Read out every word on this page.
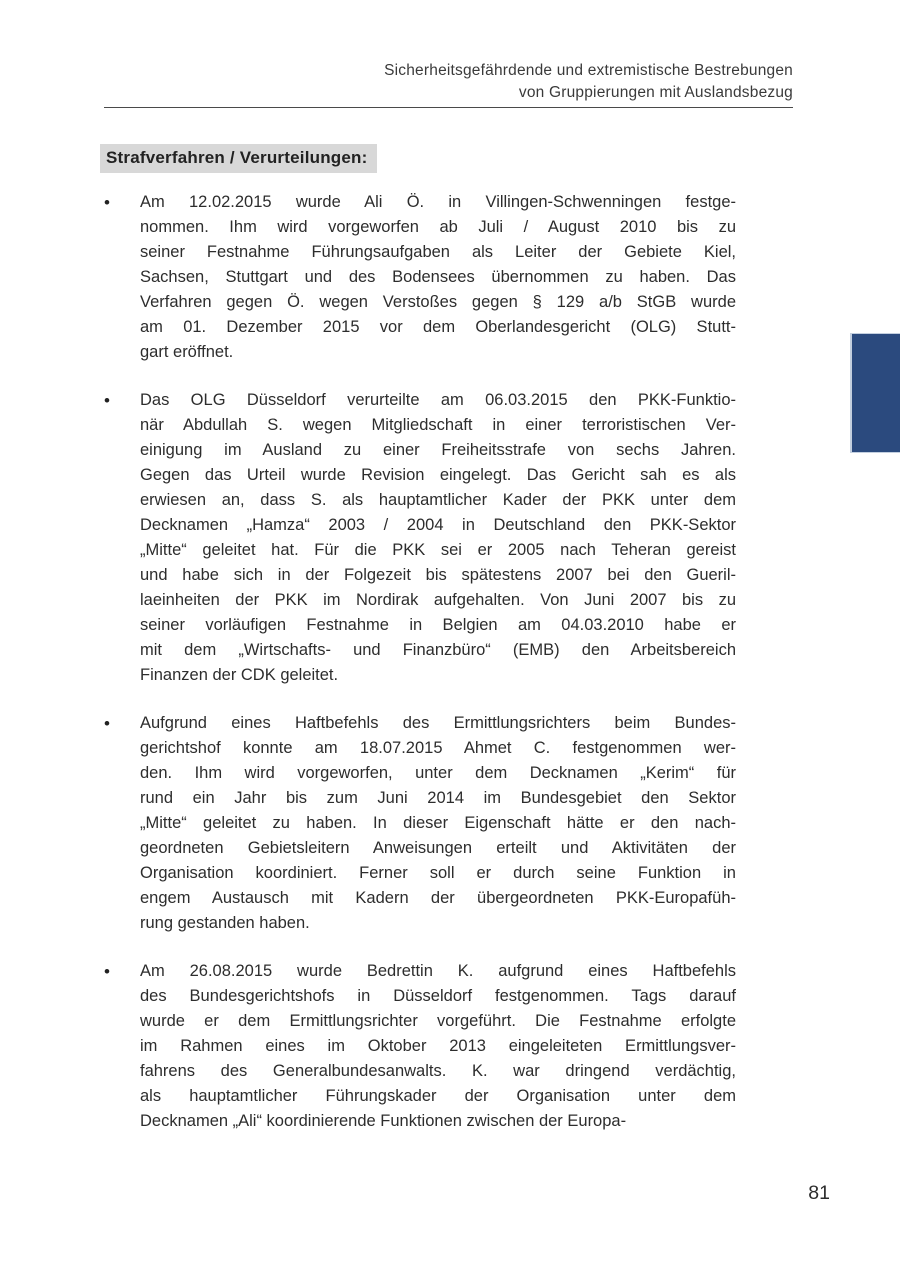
Sicherheitsgefährdende und extremistische Bestrebungen
von Gruppierungen mit Auslandsbezug
Strafverfahren / Verurteilungen:
•	Am 12.02.2015 wurde Ali Ö. in Villingen-Schwenningen festge-
nommen. Ihm wird vorgeworfen ab Juli / August 2010 bis zu
seiner Festnahme Führungsaufgaben als Leiter der Gebiete Kiel,
Sachsen, Stuttgart und des Bodensees übernommen zu haben. Das
Verfahren gegen Ö. wegen Verstoßes gegen § 129 a/b StGB wurde
am 01. Dezember 2015 vor dem Oberlandesgericht (OLG) Stutt-
gart eröffnet.
•	Das OLG Düsseldorf verurteilte am 06.03.2015 den PKK-Funktio-
när Abdullah S. wegen Mitgliedschaft in einer terroristischen Ver-
einigung im Ausland zu einer Freiheitsstrafe von sechs Jahren.
Gegen das Urteil wurde Revision eingelegt. Das Gericht sah es als
erwiesen an, dass S. als hauptamtlicher Kader der PKK unter dem
Decknamen „Hamza“ 2003 / 2004 in Deutschland den PKK-Sektor
„Mitte“ geleitet hat. Für die PKK sei er 2005 nach Teheran gereist
und habe sich in der Folgezeit bis spätestens 2007 bei den Gueril-
laeinheiten der PKK im Nordirak aufgehalten. Von Juni 2007 bis zu
seiner vorläufigen Festnahme in Belgien am 04.03.2010 habe er
mit dem „Wirtschafts- und Finanzbüro“ (EMB) den Arbeitsbereich
Finanzen der CDK geleitet.
•	Aufgrund eines Haftbefehls des Ermittlungsrichters beim Bundes-
gerichtshof konnte am 18.07.2015 Ahmet C. festgenommen wer-
den. Ihm wird vorgeworfen, unter dem Decknamen „Kerim“ für
rund ein Jahr bis zum Juni 2014 im Bundesgebiet den Sektor
„Mitte“ geleitet zu haben. In dieser Eigenschaft hätte er den nach-
geordneten Gebietsleitern Anweisungen erteilt und Aktivitäten der
Organisation koordiniert. Ferner soll er durch seine Funktion in
engem Austausch mit Kadern der übergeordneten PKK-Europafüh-
rung gestanden haben.
•	Am 26.08.2015 wurde Bedrettin K. aufgrund eines Haftbefehls
des Bundesgerichtshofs in Düsseldorf festgenommen. Tags darauf
wurde er dem Ermittlungsrichter vorgeführt. Die Festnahme erfolgte
im Rahmen eines im Oktober 2013 eingeleiteten Ermittlungsver-
fahrens des Generalbundesanwalts. K. war dringend verdächtig,
als hauptamtlicher Führungskader der Organisation unter dem
Decknamen „Ali“ koordinierende Funktionen zwischen der Europa-
81
